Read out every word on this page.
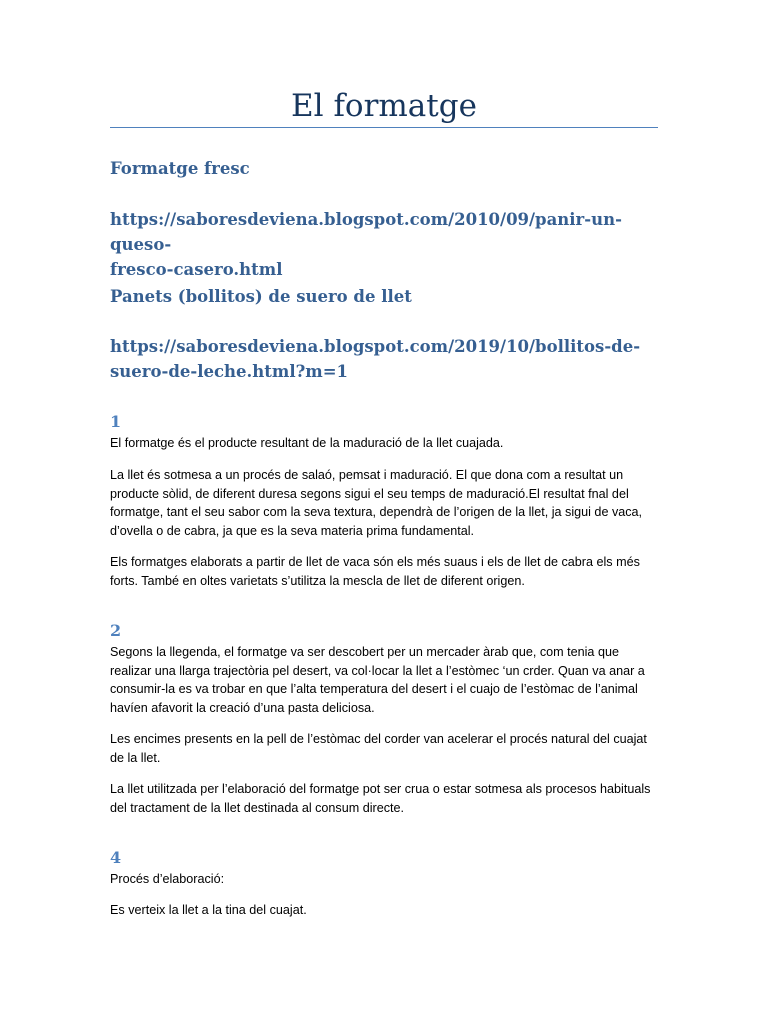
El formatge
Formatge fresc
https://saboresdeviena.blogspot.com/2010/09/panir-un-queso-
fresco-casero.html
Panets (bollitos) de suero de llet
https://saboresdeviena.blogspot.com/2019/10/bollitos-de-
suero-de-leche.html?m=1
1
El formatge és el producte resultant de la maduració de la llet cuajada.
La llet és sotmesa a un procés de salaó, pemsat i maduració. El que dona com a resultat un producte sòlid, de diferent duresa segons sigui el seu temps de maduració.El resultat fnal del formatge, tant el seu sabor com la seva textura, dependrà de l’origen de la llet, ja sigui de vaca, d’ovella o de cabra, ja que es la seva materia prima fundamental.
Els formatges elaborats a partir de llet de vaca són els més suaus i els de llet de cabra els més forts. També en oltes varietats s’utilitza la mescla de llet de diferent origen.
2
Segons la llegenda, el formatge va ser descobert per un mercader àrab que, com tenia que realizar una llarga trajectòria pel desert, va col·locar la llet a l’estòmec ‘un crder. Quan va anar a consumir-la es va trobar en que l’alta temperatura del desert i el cuajo de l’estòmac de l’animal havíen afavorit la creació d’una pasta deliciosa.
Les encimes presents en la pell de l’estòmac del corder van acelerar el procés natural del cuajat de la llet.
La llet utilitzada per l’elaboració del formatge pot ser crua o estar sotmesa als procesos habituals del tractament de la llet destinada al consum directe.
4
Procés d’elaboració:
Es verteix la llet a la tina del cuajat.
